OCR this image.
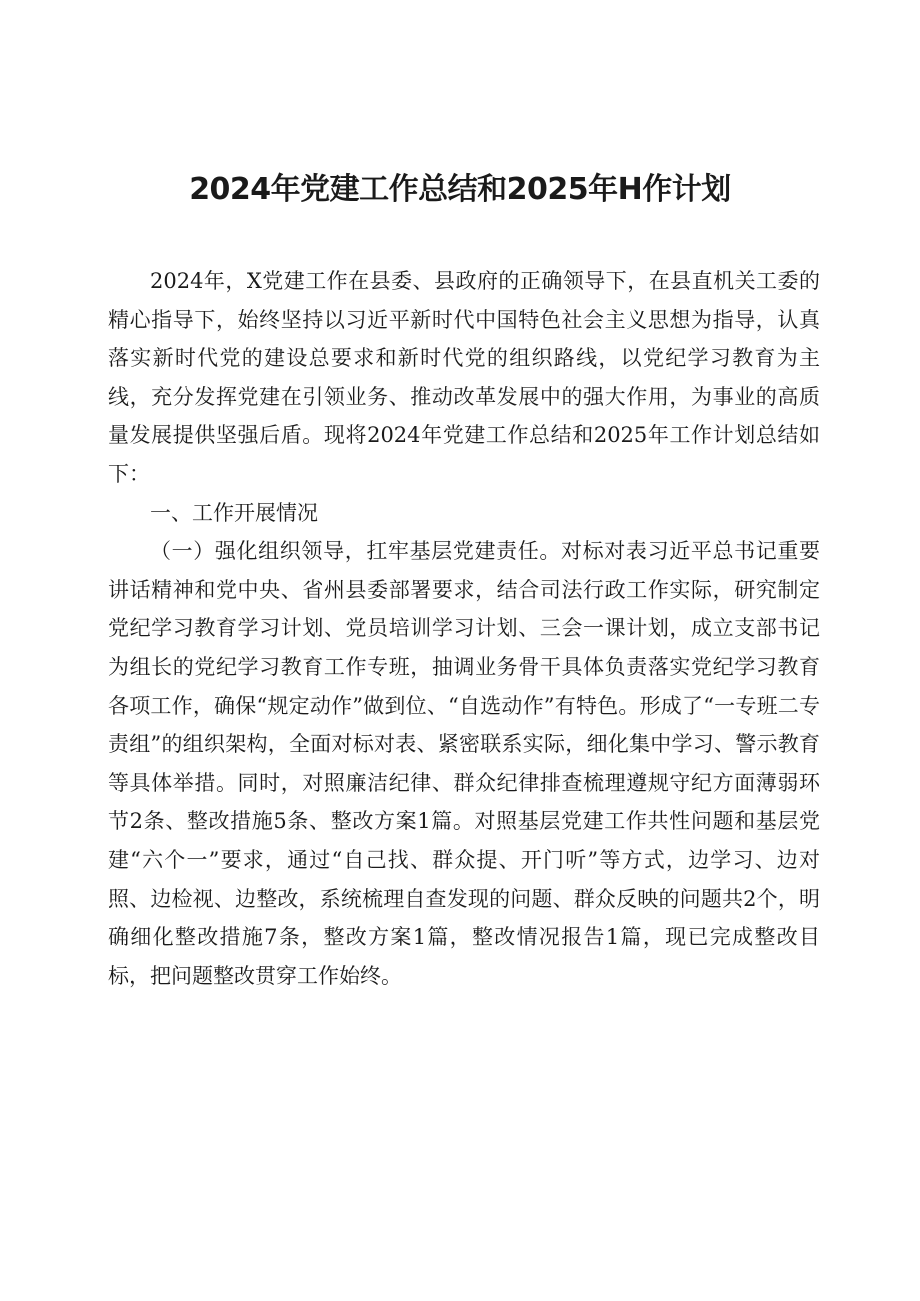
2024年党建工作总结和2025年H作计划

2024年，X党建工作在县委、县政府的正确领导下，在县直机关工委的精心指导下，始终坚持以习近平新时代中国特色社会主义思想为指导，认真落实新时代党的建设总要求和新时代党的组织路线，以党纪学习教育为主线，充分发挥党建在引领业务、推动改革发展中的强大作用，为事业的高质量发展提供坚强后盾。现将2024年党建工作总结和2025年工作计划总结如下：

一、工作开展情况

（一）强化组织领导，扛牢基层党建责任。对标对表习近平总书记重要讲话精神和党中央、省州县委部署要求，结合司法行政工作实际，研究制定党纪学习教育学习计划、党员培训学习计划、三会一课计划，成立支部书记为组长的党纪学习教育工作专班，抽调业务骨干具体负责落实党纪学习教育各项工作，确保“规定动作”做到位、“自选动作”有特色。形成了“一专班二专责组”的组织架构，全面对标对表、紧密联系实际，细化集中学习、警示教育等具体举措。同时，对照廉洁纪律、群众纪律排查梳理遵规守纪方面薄弱环节2条、整改措施5条、整改方案1篇。对照基层党建工作共性问题和基层党建“六个一”要求，通过“自己找、群众提、开门听”等方式，边学习、边对照、边检视、边整改，系统梳理自查发现的问题、群众反映的问题共2个，明确细化整改措施7条，整改方案1篇，整改情况报告1篇，现已完成整改目标，把问题整改贯穿工作始终。
